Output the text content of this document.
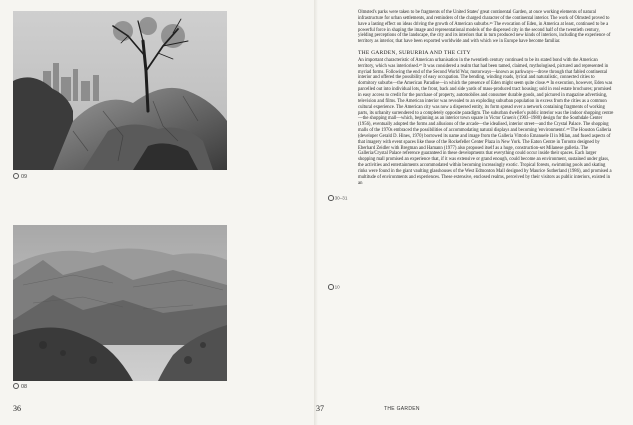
09
08
36
30–31
10

Olmsted's parks were taken to be fragments of the United States' great continental Garden, at once working elements of natural infrastructure for urban settlements, and reminders of the charged character of the continental interior. The work of Olmsted proved to have a lasting effect on ideas driving the growth of American suburbs.²⁶ The evocation of Eden, in America at least, continued to be a powerful force in shaping the image and representational models of the dispersed city in the second half of the twentieth century, yielding perceptions of the landscape, the city and its interiors that in turn produced new kinds of interiors, including the experience of territory as interior, that have been exported worldwide and with which we in Europe have become familiar.

THE GARDEN, SUBURBIA AND THE CITY

An important characteristic of American urbanisation in the twentieth century continued to be its stated bond with the American territory, which was interiorised.²⁷ It was considered a realm that had been tamed, claimed, mythologised, pictured and represented in myriad forms. Following the end of the Second World War, motorways—known as parkways—drove through that fabled continental interior and offered the possibility of easy occupation. The bending, winding roads, lyrical and naturalistic, connected cities to dormitory suburbs—the American Paradise—in which the presence of Eden might seem quite close.²⁸ In execution, however, Eden was parcelled out into individual lots, the front, back and side yards of mass-produced tract housing; sold in real estate brochures; promised in easy access to credit for the purchase of property, automobiles and consumer durable goods, and pictured in magazine advertising, television and films. The American interior was revealed to an exploding suburban population in excess from the cities as a common cultural experience. The American city was now a dispersed entity, its form spread over a network containing fragments of working parts, its urbanity surrendered to a completely opposite paradigm. The suburban dweller's public interior was the indoor shopping centre—the shopping mall—which, beginning as an interior town square in Victor Gruen's (1903–1980) design for the Southdale Center (1956), eventually adopted the forms and allusions of the arcade—the idealised, interior street—and the Crystal Palace. The shopping malls of the 1970s embraced the possibilities of accommodating natural displays and becoming 'environments'.²⁹ The Houston Galleria (developer Gerald D. Hines, 1970) borrowed its name and image from the Galleria Vittorio Emanuele II in Milan, and fused aspects of that imagery with event spaces like those of the Rockefeller Center Plaza in New York. The Eaton Centre in Toronto designed by Eberhard Zeidler with Bregman and Hamann (1977) also proposed itself as a huge, construction-set Milanese galleria. The Galleria/Crystal Palace reference guaranteed in these developments that everything could occur inside their spaces. Each larger shopping mall promised an experience that, if it was extensive or grand enough, could become an environment, sustained under glass, the activities and entertainments accommodated within becoming increasingly exotic. Tropical forests, swimming pools and skating rinks were found in the giant vaulting glasshouses of the West Edmonton Mall designed by Maurice Sutherland (1986), and promised a multitude of environments and experiences. These extensive, enclosed realms, perceived by their visitors as public interiors, existed in an

37	THE GARDEN
